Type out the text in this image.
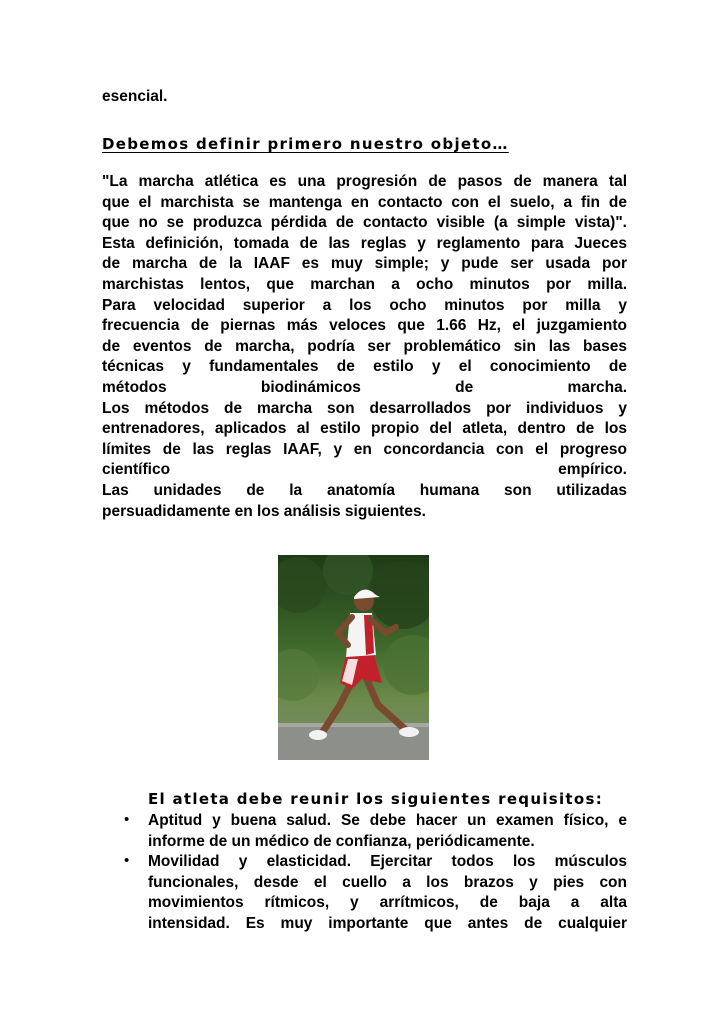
esencial.

Debemos definir primero nuestro objeto…

"La marcha atlética es una progresión de pasos de manera tal

que el marchista se mantenga en contacto con el suelo, a fin de

que no se produzca pérdida de contacto visible (a simple vista)".

Esta definición, tomada de las reglas y reglamento para Jueces

de marcha de la IAAF es muy simple; y pude ser usada por

marchistas lentos, que marchan a ocho minutos por milla.

Para velocidad superior a los ocho minutos por milla y

frecuencia de piernas más veloces que 1.66 Hz, el juzgamiento

de eventos de marcha, podría ser problemático sin las bases

técnicas y fundamentales de estilo y el conocimiento de

métodos biodinámicos de marcha.

Los métodos de marcha son desarrollados por individuos y

entrenadores, aplicados al estilo propio del atleta, dentro de los

límites de las reglas IAAF, y en concordancia con el progreso

científico empírico.

Las unidades de la anatomía humana son utilizadas

persuadidamente en los análisis siguientes.

El atleta debe reunir los siguientes requisitos:

• Aptitud y buena salud. Se debe hacer un examen físico, e

informe de un médico de confianza, periódicamente.

• Movilidad y elasticidad. Ejercitar todos los músculos

funcionales, desde el cuello a los brazos y pies con

movimientos rítmicos, y arrítmicos, de baja a alta

intensidad. Es muy importante que antes de cualquier
